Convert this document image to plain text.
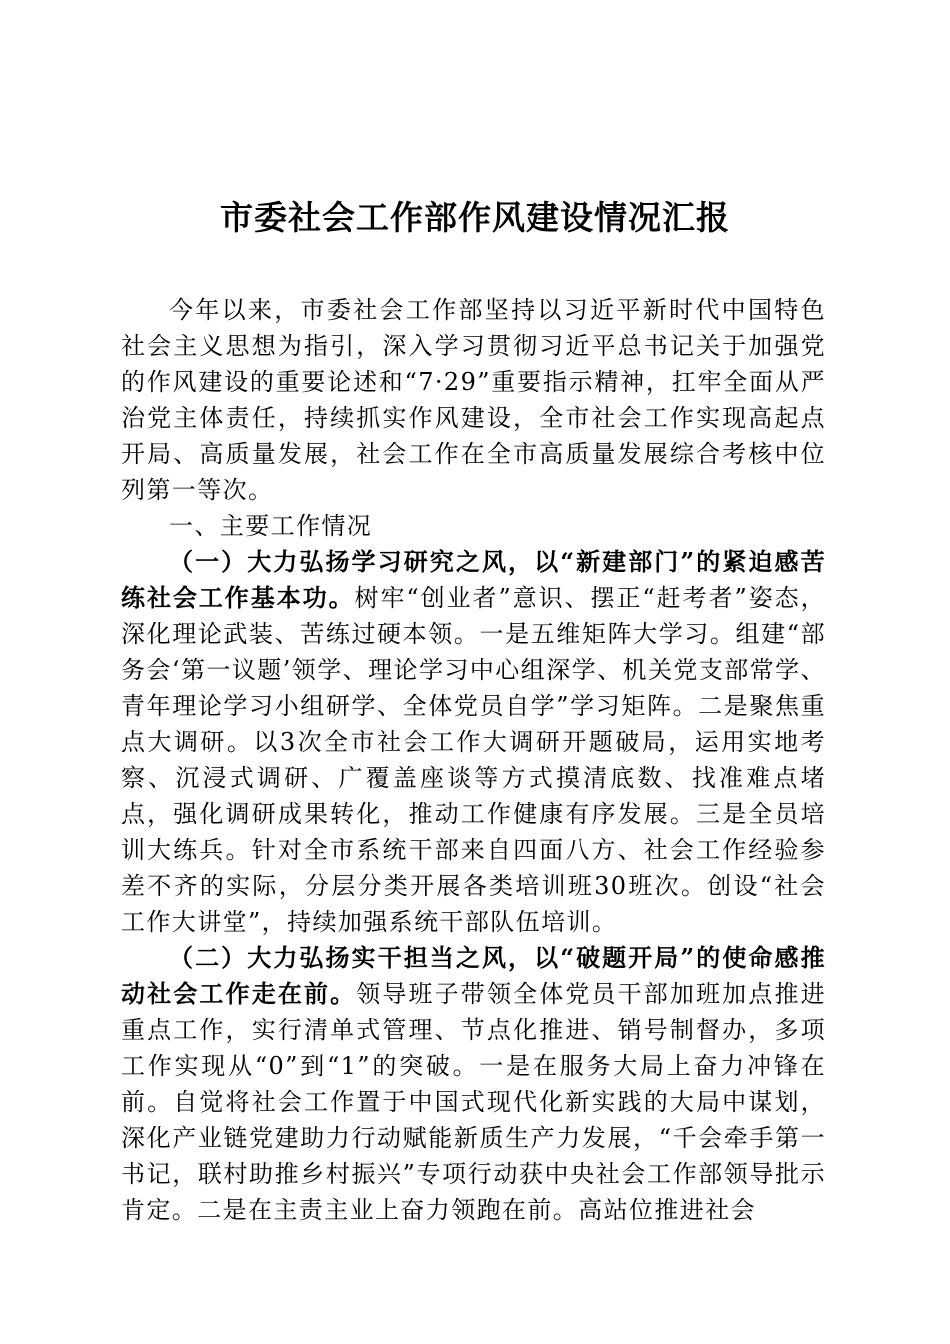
市委社会工作部作风建设情况汇报

今年以来，市委社会工作部坚持以习近平新时代中国特色社会主义思想为指引，深入学习贯彻习近平总书记关于加强党的作风建设的重要论述和“7·29”重要指示精神，扛牢全面从严治党主体责任，持续抓实作风建设，全市社会工作实现高起点开局、高质量发展，社会工作在全市高质量发展综合考核中位列第一等次。

一、主要工作情况

（一）大力弘扬学习研究之风，以“新建部门”的紧迫感苦练社会工作基本功。树牢“创业者”意识、摆正“赶考者”姿态，深化理论武装、苦练过硬本领。一是五维矩阵大学习。组建“部务会‘第一议题’领学、理论学习中心组深学、机关党支部常学、青年理论学习小组研学、全体党员自学”学习矩阵。二是聚焦重点大调研。以3次全市社会工作大调研开题破局，运用实地考察、沉浸式调研、广覆盖座谈等方式摸清底数、找准难点堵点，强化调研成果转化，推动工作健康有序发展。三是全员培训大练兵。针对全市系统干部来自四面八方、社会工作经验参差不齐的实际，分层分类开展各类培训班30班次。创设“社会工作大讲堂”，持续加强系统干部队伍培训。

（二）大力弘扬实干担当之风，以“破题开局”的使命感推动社会工作走在前。领导班子带领全体党员干部加班加点推进重点工作，实行清单式管理、节点化推进、销号制督办，多项工作实现从“0”到“1”的突破。一是在服务大局上奋力冲锋在前。自觉将社会工作置于中国式现代化新实践的大局中谋划，深化产业链党建助力行动赋能新质生产力发展，“千会牵手第一书记，联村助推乡村振兴”专项行动获中央社会工作部领导批示肯定。二是在主责主业上奋力领跑在前。高站位推进社会
